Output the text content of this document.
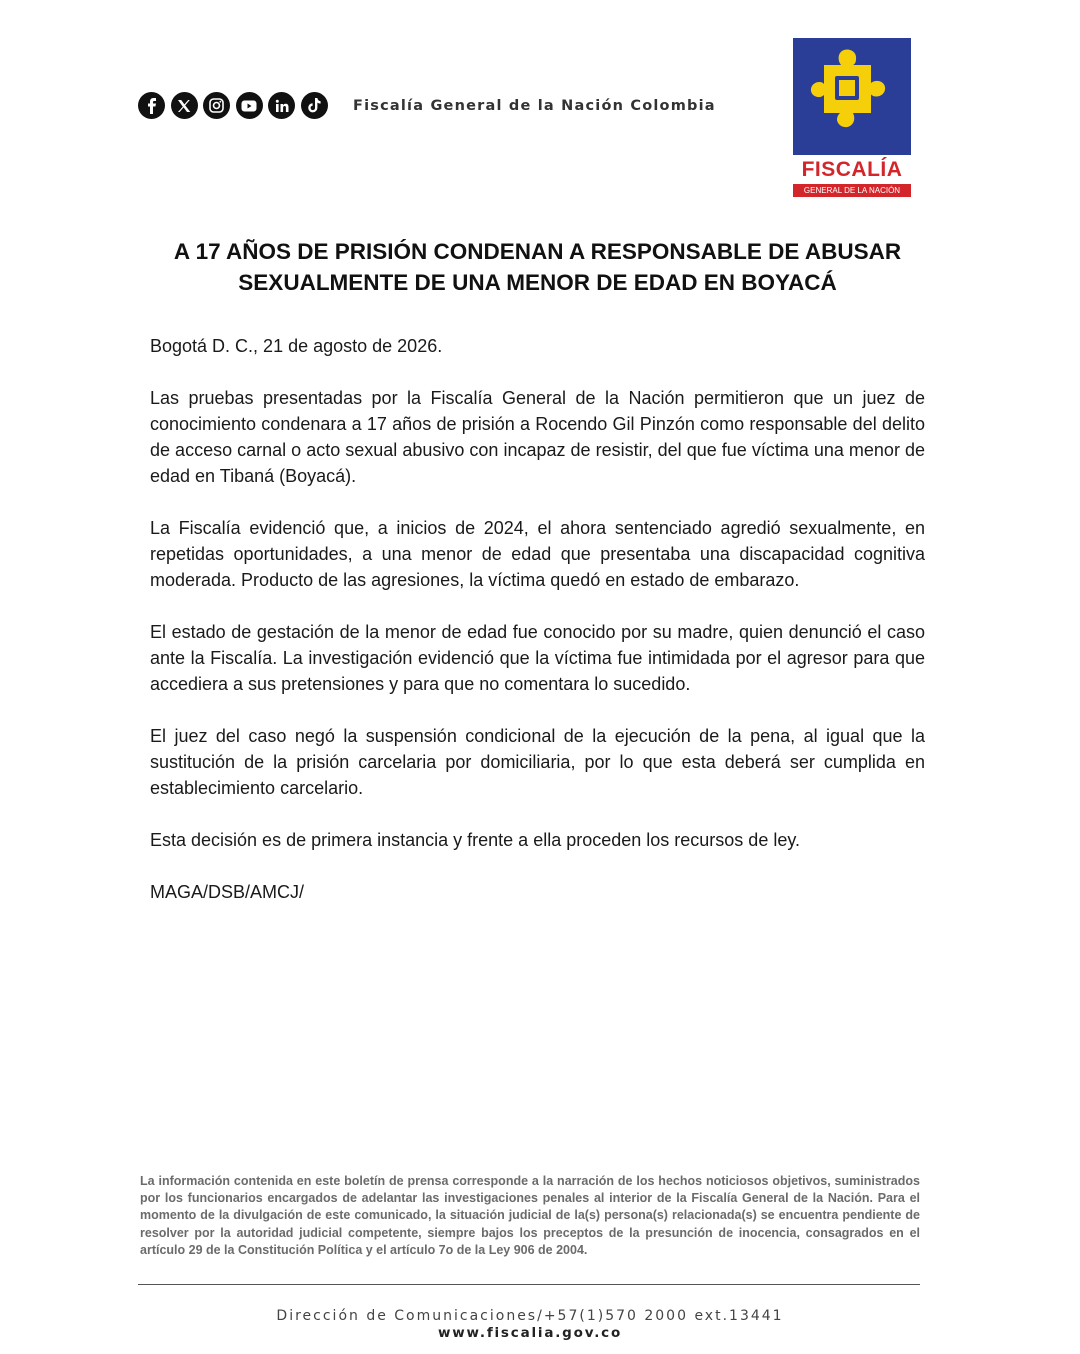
Fiscalía General de la Nación Colombia
FISCALÍA
GENERAL DE LA NACIÓN
A 17 AÑOS DE PRISIÓN CONDENAN A RESPONSABLE DE ABUSAR SEXUALMENTE DE UNA MENOR DE EDAD EN BOYACÁ

Bogotá D. C., 21 de agosto de 2026.

Las pruebas presentadas por la Fiscalía General de la Nación permitieron que un juez de conocimiento condenara a 17 años de prisión a Rocendo Gil Pinzón como responsable del delito de acceso carnal o acto sexual abusivo con incapaz de resistir, del que fue víctima una menor de edad en Tibaná (Boyacá).

La Fiscalía evidenció que, a inicios de 2024, el ahora sentenciado agredió sexualmente, en repetidas oportunidades, a una menor de edad que presentaba una discapacidad cognitiva moderada. Producto de las agresiones, la víctima quedó en estado de embarazo.

El estado de gestación de la menor de edad fue conocido por su madre, quien denunció el caso ante la Fiscalía. La investigación evidenció que la víctima fue intimidada por el agresor para que accediera a sus pretensiones y para que no comentara lo sucedido.

El juez del caso negó la suspensión condicional de la ejecución de la pena, al igual que la sustitución de la prisión carcelaria por domiciliaria, por lo que esta deberá ser cumplida en establecimiento carcelario.

Esta decisión es de primera instancia y frente a ella proceden los recursos de ley.

MAGA/DSB/AMCJ/

La información contenida en este boletín de prensa corresponde a la narración de los hechos noticiosos objetivos, suministrados por los funcionarios encargados de adelantar las investigaciones penales al interior de la Fiscalía General de la Nación. Para el momento de la divulgación de este comunicado, la situación judicial de la(s) persona(s) relacionada(s) se encuentra pendiente de resolver por la autoridad judicial competente, siempre bajos los preceptos de la presunción de inocencia, consagrados en el artículo 29 de la Constitución Política y el artículo 7o de la Ley 906 de 2004.
Dirección de Comunicaciones/+57(1)570 2000 ext.13441
www.fiscalia.gov.co
